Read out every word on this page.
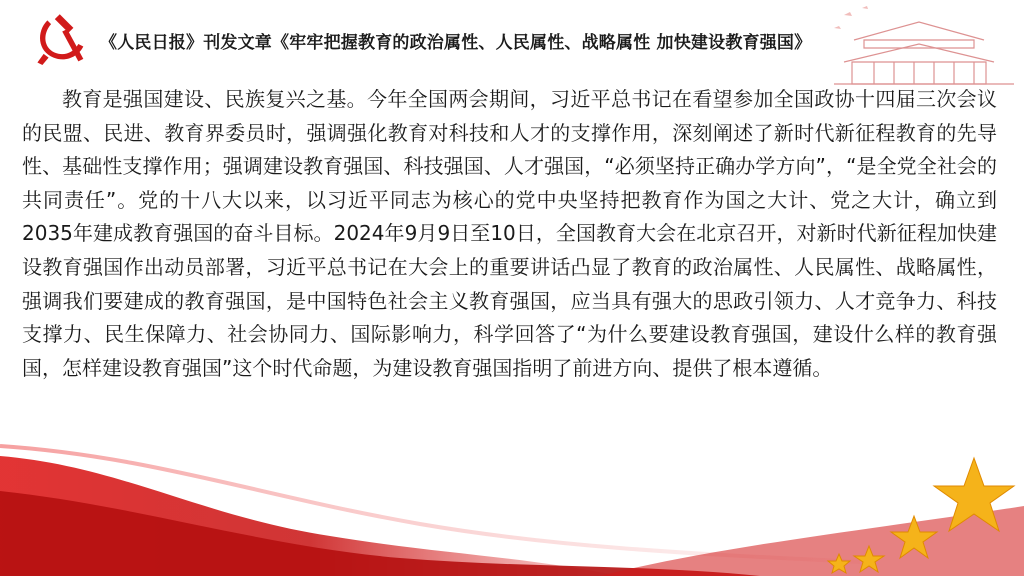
《人民日报》刊发文章《牢牢把握教育的政治属性、人民属性、战略属性 加快建设教育强国》
教育是强国建设、民族复兴之基。今年全国两会期间，习近平总书记在看望参加全国政协十四届三次会议的民盟、民进、教育界委员时，强调强化教育对科技和人才的支撑作用，深刻阐述了新时代新征程教育的先导性、基础性支撑作用；强调建设教育强国、科技强国、人才强国，“必须坚持正确办学方向”，“是全党全社会的共同责任”。党的十八大以来，以习近平同志为核心的党中央坚持把教育作为国之大计、党之大计，确立到2035年建成教育强国的奋斗目标。2024年9月9日至10日，全国教育大会在北京召开，对新时代新征程加快建设教育强国作出动员部署，习近平总书记在大会上的重要讲话凸显了教育的政治属性、人民属性、战略属性，强调我们要建成的教育强国，是中国特色社会主义教育强国，应当具有强大的思政引领力、人才竞争力、科技支撑力、民生保障力、社会协同力、国际影响力，科学回答了“为什么要建设教育强国，建设什么样的教育强国，怎样建设教育强国”这个时代命题，为建设教育强国指明了前进方向、提供了根本遵循。
